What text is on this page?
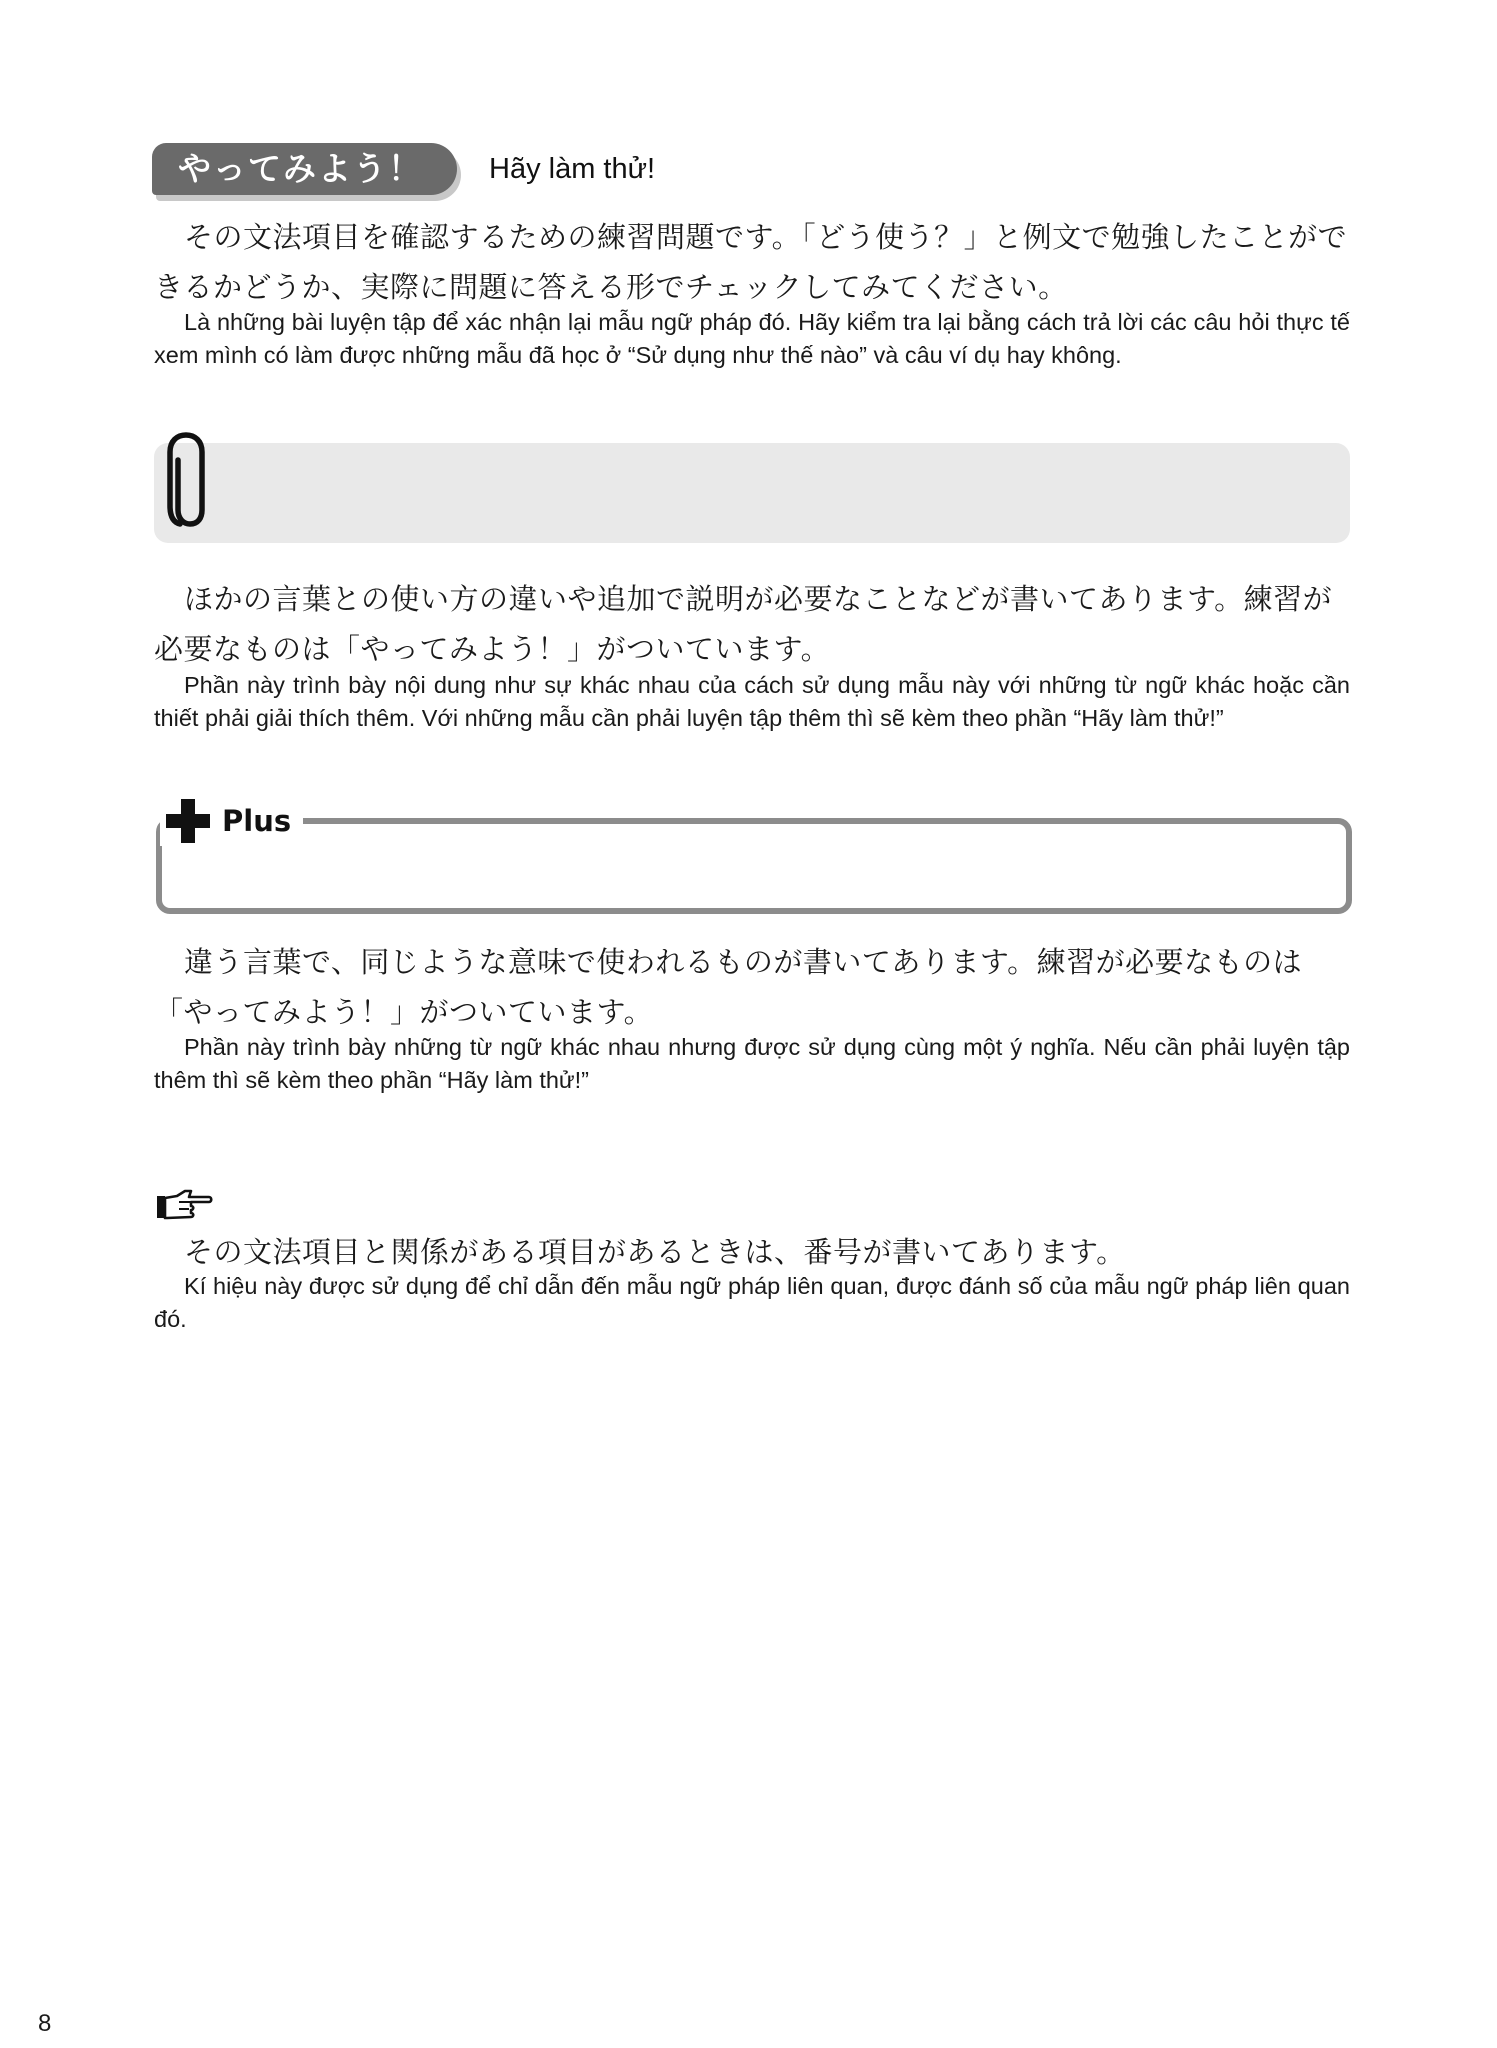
やってみよう！	Hãy làm thử!
その文法項目を確認するための練習問題です。「どう使う？」と例文で勉強したことができるかどうか、実際に問題に答える形でチェックしてみてください。
Là những bài luyện tập để xác nhận lại mẫu ngữ pháp đó. Hãy kiểm tra lại bằng cách trả lời các câu hỏi thực tế xem mình có làm được những mẫu đã học ở “Sử dụng như thế nào” và câu ví dụ hay không.
ほかの言葉との使い方の違いや追加で説明が必要なことなどが書いてあります。練習が必要なものは「やってみよう！」がついています。
Phần này trình bày nội dung như sự khác nhau của cách sử dụng mẫu này với những từ ngữ khác hoặc cần thiết phải giải thích thêm. Với những mẫu cần phải luyện tập thêm thì sẽ kèm theo phần “Hãy làm thử!”
Plus
違う言葉で、同じような意味で使われるものが書いてあります。練習が必要なものは「やってみよう！」がついています。
Phần này trình bày những từ ngữ khác nhau nhưng được sử dụng cùng một ý nghĩa. Nếu cần phải luyện tập thêm thì sẽ kèm theo phần “Hãy làm thử!”
その文法項目と関係がある項目があるときは、番号が書いてあります。
Kí hiệu này được sử dụng để chỉ dẫn đến mẫu ngữ pháp liên quan, được đánh số của mẫu ngữ pháp liên quan đó.
8
